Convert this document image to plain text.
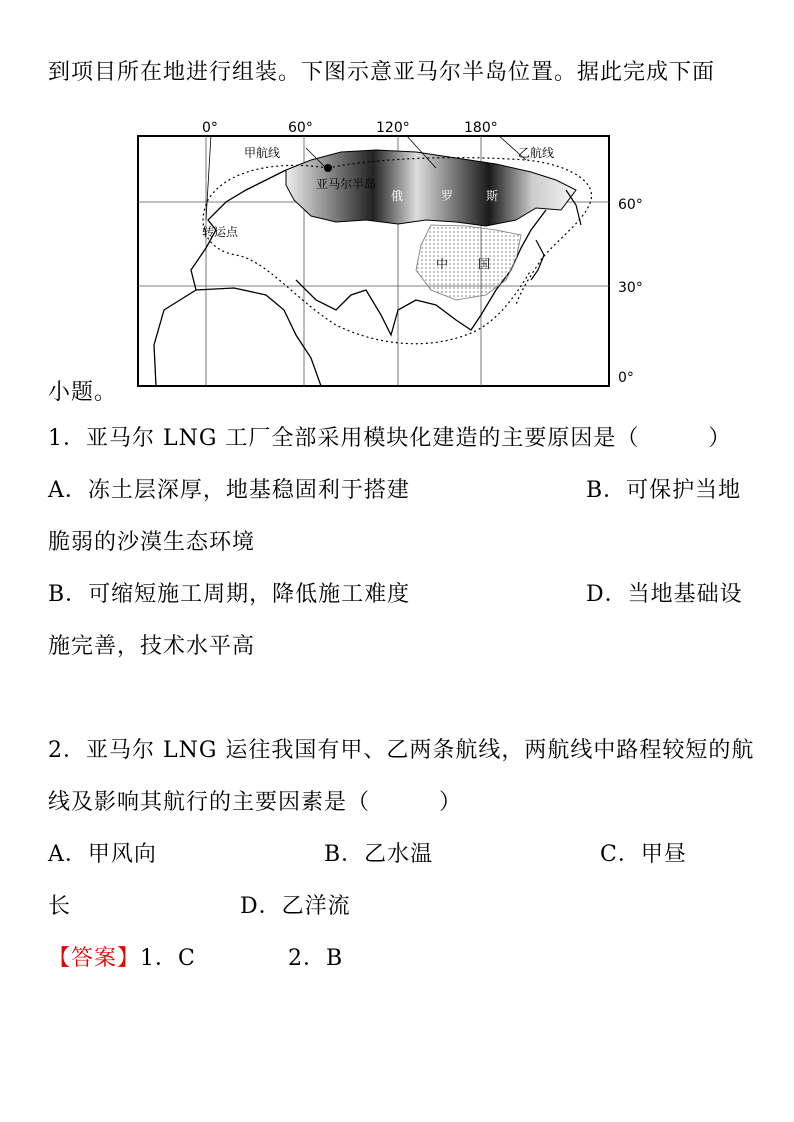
到项目所在地进行组装。下图示意亚马尔半岛位置。据此完成下面
0°	60°	120°	180°
60°
30°
0°
甲航线	乙航线
亚马尔半岛
俄	罗	斯
中 国
转运点
小题。
1．亚马尔 LNG 工厂全部采用模块化建造的主要原因是（　　　）
A．冻土层深厚，地基稳固利于搭建	B．可保护当地
脆弱的沙漠生态环境
B．可缩短施工周期，降低施工难度	D．当地基础设
施完善，技术水平高
2．亚马尔 LNG 运往我国有甲、乙两条航线，两航线中路程较短的航
线及影响其航行的主要因素是（　　　）
A．甲风向	B．乙水温	C．甲昼
长	D．乙洋流
【答案】1．C	2．B
